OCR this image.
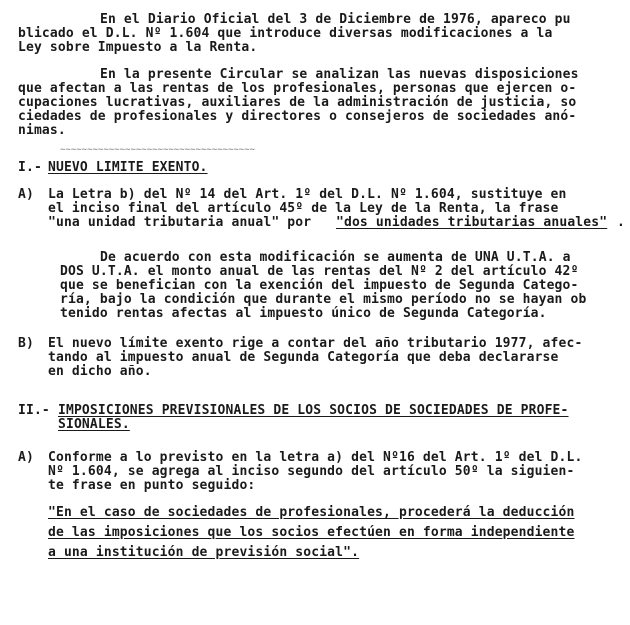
En el Diario Oficial del 3 de Diciembre de 1976, apareco pu
blicado el D.L. Nº 1.604 que introduce diversas modificaciones a la
Ley sobre Impuesto a la Renta.
En la presente Circular se analizan las nuevas disposiciones
que afectan a las rentas de los profesionales, personas que ejercen o-
cupaciones lucrativas, auxiliares de la administración de justicia, so
ciedades de profesionales y directores o consejeros de sociedades anó-
nimas.
~~~~~~~~~~~~~~~~~~~~~~~~~~~~~~~~~~~~
I.- NUEVO LIMITE EXENTO.
A) La Letra b) del Nº 14 del Art. 1º del D.L. Nº 1.604, sustituye en
el inciso final del artículo 45º de la Ley de la Renta, la frase
"una unidad tributaria anual" por "dos unidades tributarias anuales" .
De acuerdo con esta modificación se aumenta de UNA U.T.A. a
DOS U.T.A. el monto anual de las rentas del Nº 2 del artículo 42º
que se benefician con la exención del impuesto de Segunda Catego-
ría, bajo la condición que durante el mismo período no se hayan ob
tenido rentas afectas al impuesto único de Segunda Categoría.
B) El nuevo límite exento rige a contar del año tributario 1977, afec-
tando al impuesto anual de Segunda Categoría que deba declararse
en dicho año.
II.- IMPOSICIONES PREVISIONALES DE LOS SOCIOS DE SOCIEDADES DE PROFE-
SIONALES.
A) Conforme a lo previsto en la letra a) del Nº16 del Art. 1º del D.L.
Nº 1.604, se agrega al inciso segundo del artículo 50º la siguien-
te frase en punto seguido:
"En el caso de sociedades de profesionales, procederá la deducción
de las imposiciones que los socios efectúen en forma independiente
a una institución de previsión social".
